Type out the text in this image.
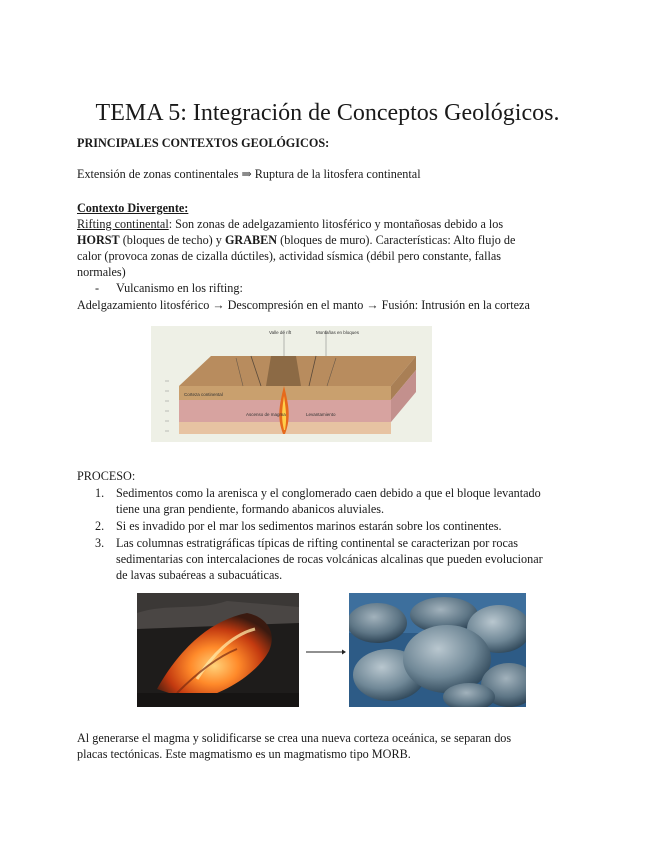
TEMA 5: Integración de Conceptos Geológicos.
PRINCIPALES CONTEXTOS GEOLÓGICOS:
Extensión de zonas continentales ⇒ Ruptura de la litosfera continental
Contexto Divergente:
Rifting continental: Son zonas de adelgazamiento litosférico y montañosas debido a los
HORST (bloques de techo) y GRABEN (bloques de muro). Características: Alto flujo de
calor (provoca zonas de cizalla dúctiles), actividad sísmica (débil pero constante, fallas
normales)
- Vulcanismo en los rifting:
Adelgazamiento litosférico → Descompresión en el manto → Fusión: Intrusión en la corteza
Valle de rift	Montañas en bloques
Corteza continental
Ascenso de magma	Levantamiento
PROCESO:
1. Sedimentos como la arenisca y el conglomerado caen debido a que el bloque levantado
tiene una gran pendiente, formando abanicos aluviales.
2. Si es invadido por el mar los sedimentos marinos estarán sobre los continentes.
3. Las columnas estratigráficas típicas de rifting continental se caracterizan por rocas
sedimentarias con intercalaciones de rocas volcánicas alcalinas que pueden evolucionar
de lavas subaéreas a subacuáticas.
Al generarse el magma y solidificarse se crea una nueva corteza oceánica, se separan dos
placas tectónicas. Este magmatismo es un magmatismo tipo MORB.
